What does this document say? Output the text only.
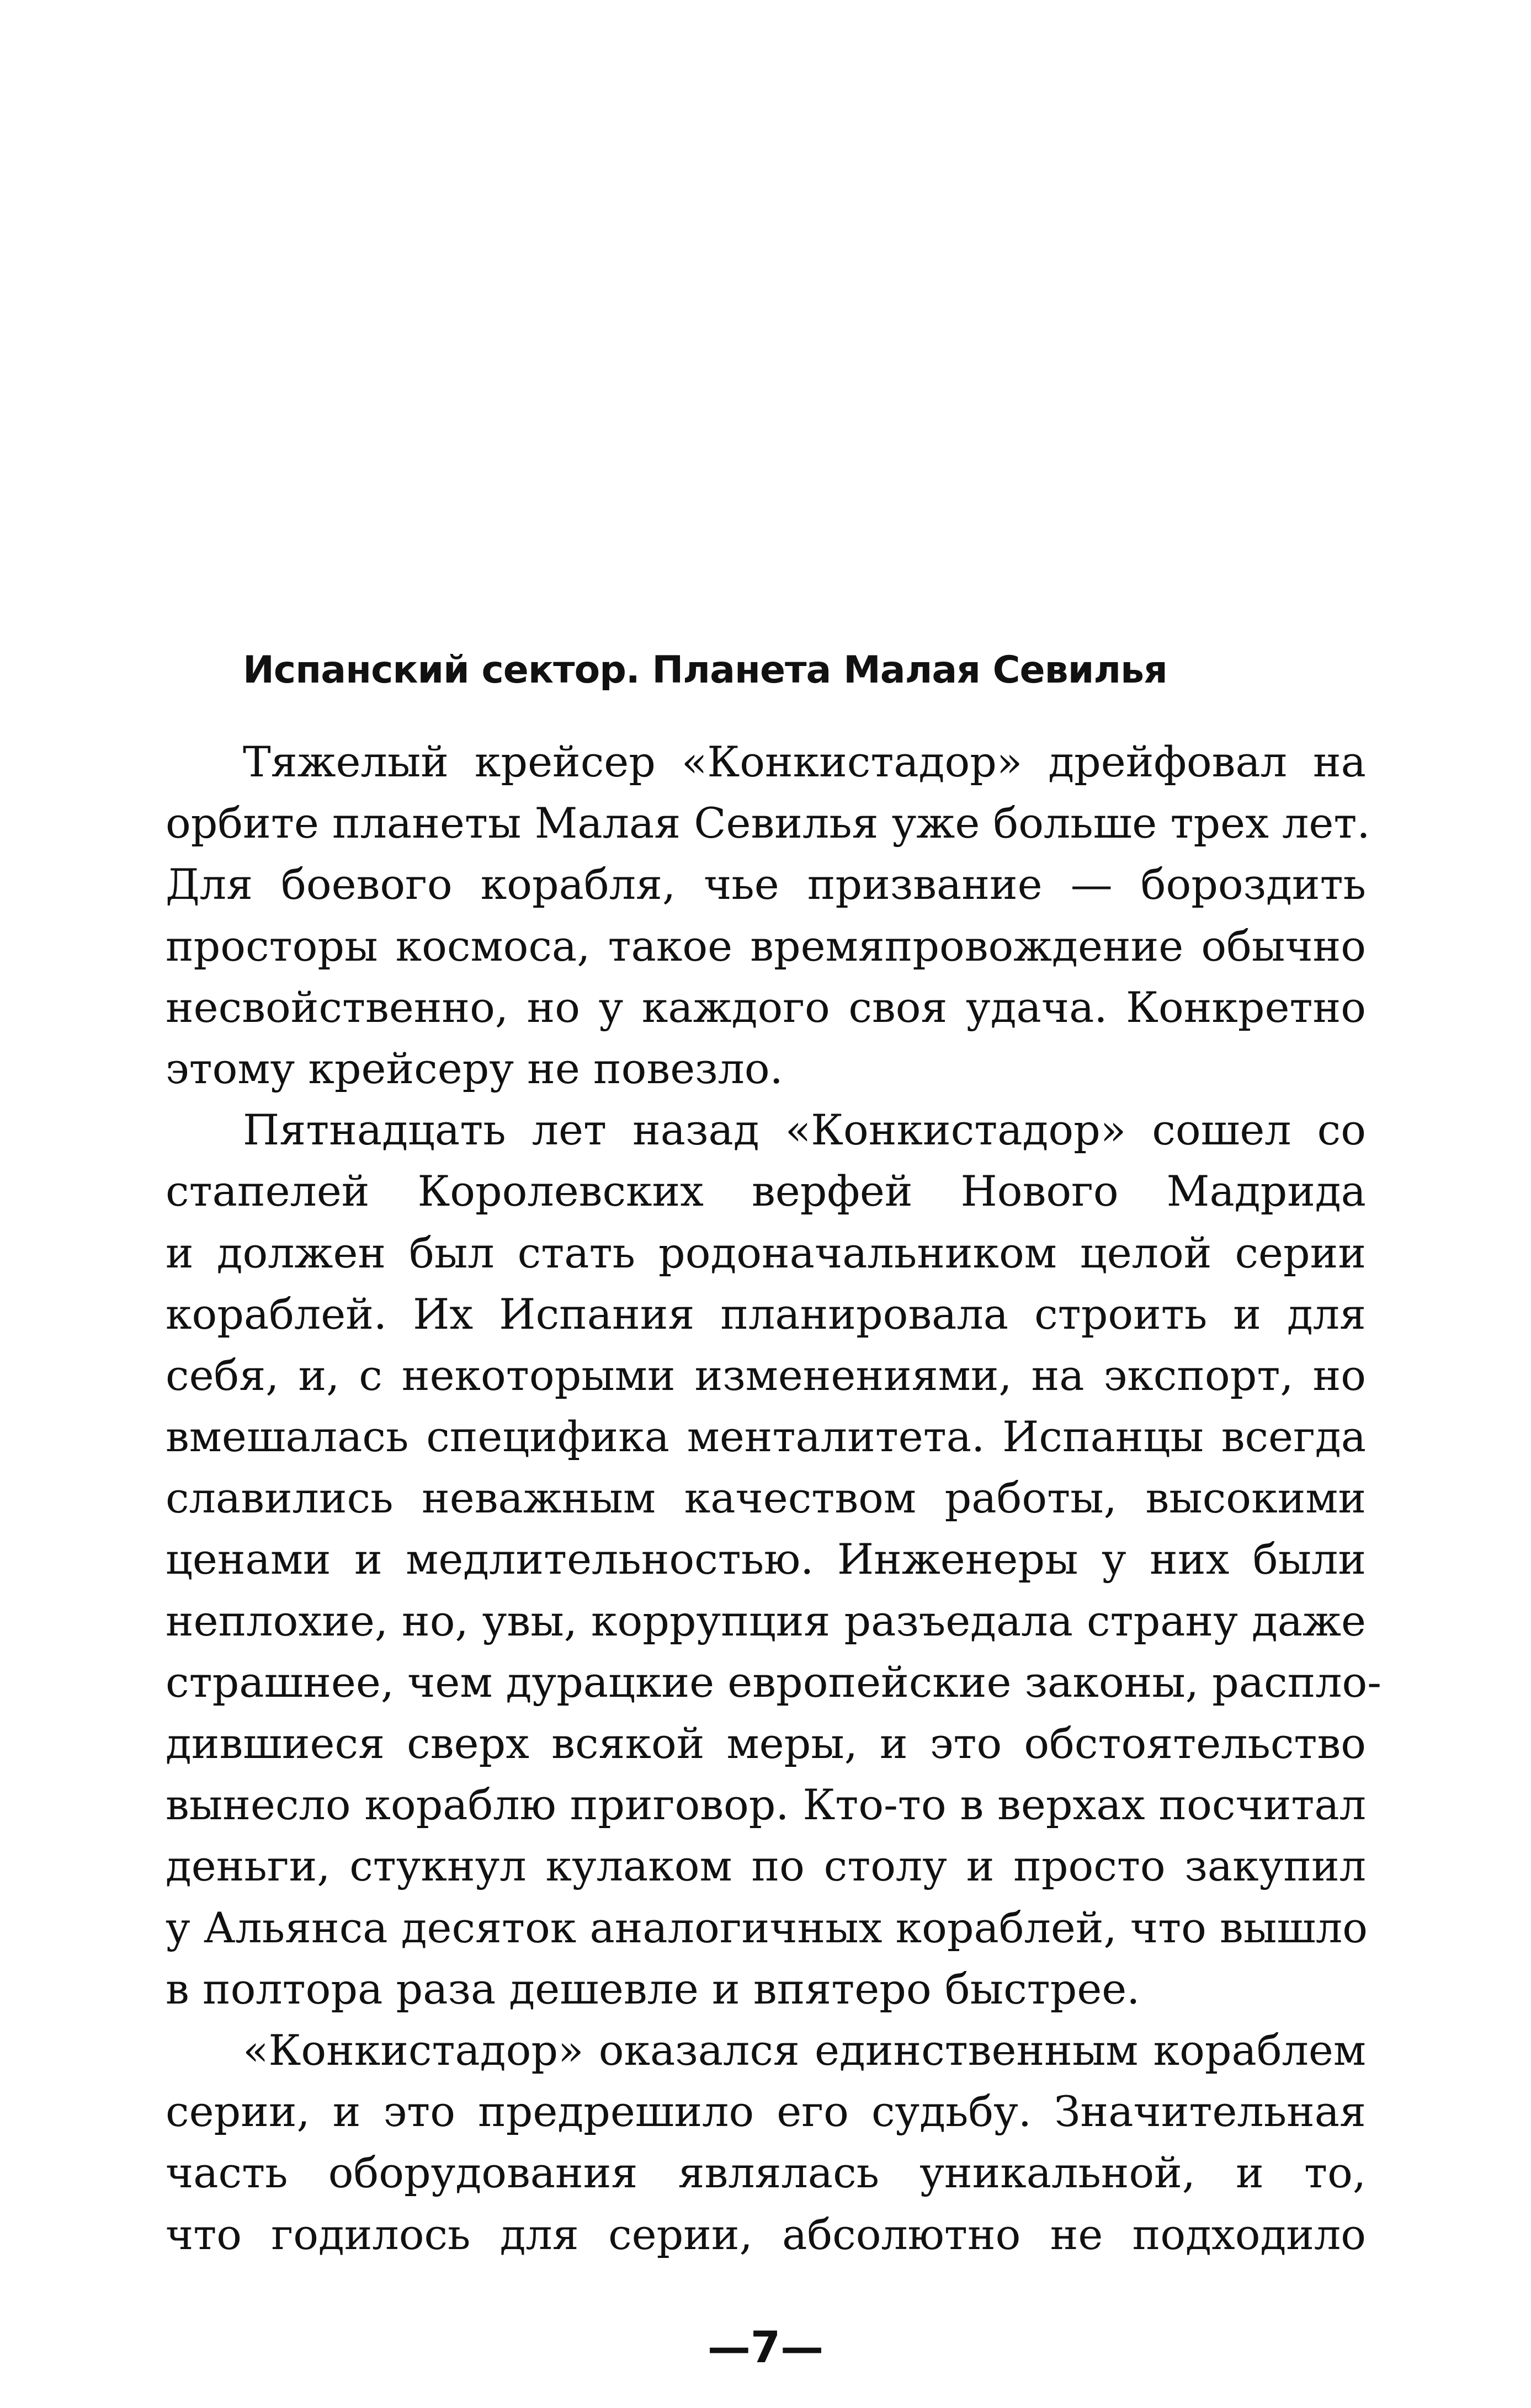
Испанский сектор. Планета Малая Севилья
Тяжелый крейсер «Конкистадор» дрейфовал на
орбите планеты Малая Севилья уже больше трех лет.
Для боевого корабля, чье призвание — бороздить
просторы космоса, такое времяпровождение обычно
несвойственно, но у каждого своя удача. Конкретно
этому крейсеру не повезло.
Пятнадцать лет назад «Конкистадор» сошел со
стапелей Королевских верфей Нового Мадрида
и должен был стать родоначальником целой серии
кораблей. Их Испания планировала строить и для
себя, и, с некоторыми изменениями, на экспорт, но
вмешалась специфика менталитета. Испанцы всегда
славились неважным качеством работы, высокими
ценами и медлительностью. Инженеры у них были
неплохие, но, увы, коррупция разъедала страну даже
страшнее, чем дурацкие европейские законы, распло-
дившиеся сверх всякой меры, и это обстоятельство
вынесло кораблю приговор. Кто-то в верхах посчитал
деньги, стукнул кулаком по столу и просто закупил
у Альянса десяток аналогичных кораблей, что вышло
в полтора раза дешевле и впятеро быстрее.
«Конкистадор» оказался единственным кораблем
серии, и это предрешило его судьбу. Значительная
часть оборудования являлась уникальной, и то,
что годилось для серии, абсолютно не подходило
—7—
